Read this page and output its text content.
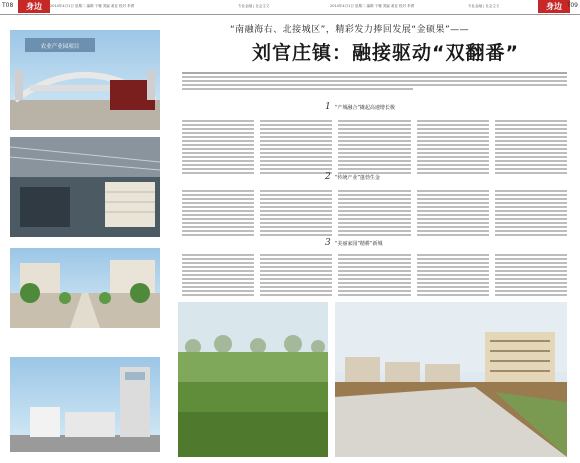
T08	身边	2014年4月1日 星期二 编辑 于娜 美编 姜亚 校对 李勇	专业金融 | 社会主义	2014年4月1日 星期二 编辑 于娜 美编 姜亚 校对 李勇	专业金融 | 社会主义	身边 T09
农业产业园项目
“南融海右、北接城区”，精彩发力捧回发展“金硕果”——
刘官庄镇：融接驱动“双翻番”
1 “产城融合”撬起高速增长极
2 “传统产业”蓬勃生金
3 “美丽家园”精耕“新城
